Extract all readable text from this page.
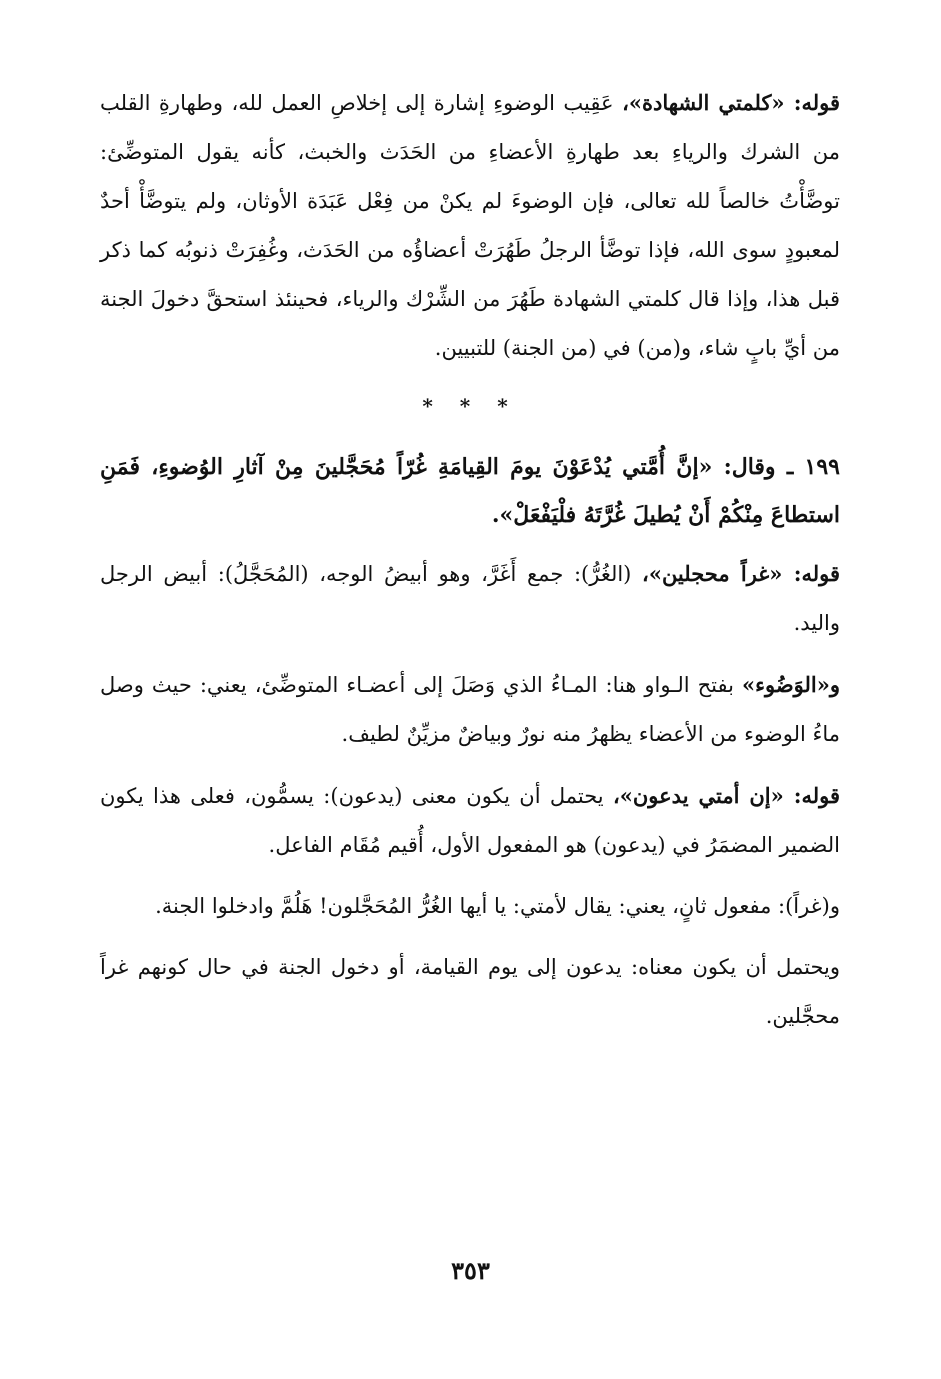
قوله: «كلمتي الشهادة»، عَقِيب الوضوءِ إشارة إلى إخلاصِ العمل لله، وطهارةِ القلب من الشرك والرياءِ بعد طهارةِ الأعضاءِ من الحَدَث والخبث، كأنه يقول المتوضِّئ: توضَّأْتُ خالصاً لله تعالى، فإن الوضوءَ لم يكنْ من فِعْل عَبَدَة الأوثان، ولم يتوضَّأْ أحدٌ لمعبودٍ سوى الله، فإذا توضَّأ الرجلُ طَهُرَتْ أعضاؤُه من الحَدَث، وغُفِرَتْ ذنوبُه كما ذكر قبل هذا، وإذا قال كلمتي الشهادة طَهُرَ من الشِّرْك والرياء، فحينئذ استحقَّ دخولَ الجنة من أيِّ بابٍ شاء، و(من) في (من الجنة) للتبيين.

* * *

١٩٩ ـ وقال: «إنَّ أُمَّتي يُدْعَوْنَ يومَ القِيامَةِ غُرّاً مُحَجَّلينَ مِنْ آثارِ الوُضوءِ، فَمَنِ استطاعَ مِنْكُمْ أَنْ يُطيلَ غُرَّتَهُ فلْيَفْعَلْ».

قوله: «غراً محجلين»، (الغُرُّ): جمع أَغَرَّ، وهو أبيضُ الوجه، (المُحَجَّلُ): أبيض الرجل واليد.

و«الوَضُوء» بفتح الـواو هنا: المـاءُ الذي وَصَلَ إلى أعضـاء المتوضِّئ، يعني: حيث وصل ماءُ الوضوء من الأعضاء يظهرُ منه نورٌ وبياضٌ مزيِّنٌ لطيف.

قوله: «إن أمتي يدعون»، يحتمل أن يكون معنى (يدعون): يسمُّون، فعلى هذا يكون الضمير المضمَرُ في (يدعون) هو المفعول الأول، أُقيم مُقَام الفاعل.

و(غراً): مفعول ثانٍ، يعني: يقال لأمتي: يا أيها الغُرُّ المُحَجَّلون! هَلُمَّ وادخلوا الجنة.

ويحتمل أن يكون معناه: يدعون إلى يوم القيامة، أو دخول الجنة في حال كونهم غراً محجَّلين.

٣٥٣
